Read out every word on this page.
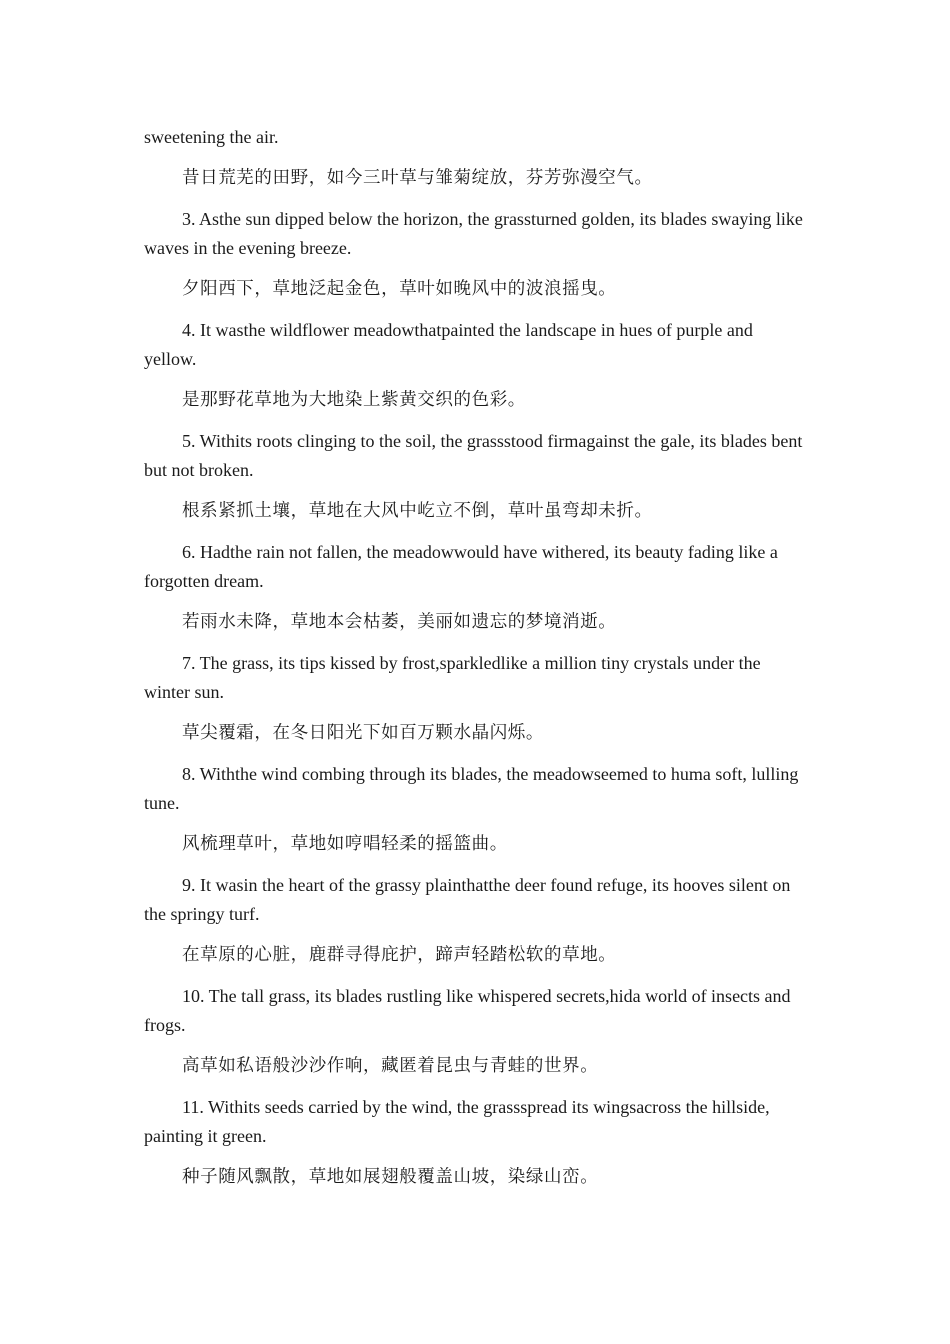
sweetening the air.

昔日荒芜的田野，如今三叶草与雏菊绽放，芬芳弥漫空气。

3. Asthe sun dipped below the horizon, the grassturned golden, its blades swaying like waves in the evening breeze.

夕阳西下，草地泛起金色，草叶如晚风中的波浪摇曳。

4. It wasthe wildflower meadowthatpainted the landscape in hues of purple and yellow.

是那野花草地为大地染上紫黄交织的色彩。

5. Withits roots clinging to the soil, the grassstood firmagainst the gale, its blades bent but not broken.

根系紧抓土壤，草地在大风中屹立不倒，草叶虽弯却未折。

6. Hadthe rain not fallen, the meadowwould have withered, its beauty fading like a forgotten dream.

若雨水未降，草地本会枯萎，美丽如遗忘的梦境消逝。

7. The grass, its tips kissed by frost,sparkledlike a million tiny crystals under the winter sun.

草尖覆霜，在冬日阳光下如百万颗水晶闪烁。

8. Withthe wind combing through its blades, the meadowseemed to huma soft, lulling tune.

风梳理草叶，草地如哼唱轻柔的摇篮曲。

9. It wasin the heart of the grassy plainthatthe deer found refuge, its hooves silent on the springy turf.

在草原的心脏，鹿群寻得庇护，蹄声轻踏松软的草地。

10. The tall grass, its blades rustling like whispered secrets,hida world of insects and frogs.

高草如私语般沙沙作响，藏匿着昆虫与青蛙的世界。

11. Withits seeds carried by the wind, the grassspread its wingsacross the hillside, painting it green.

种子随风飘散，草地如展翅般覆盖山坡，染绿山峦。
